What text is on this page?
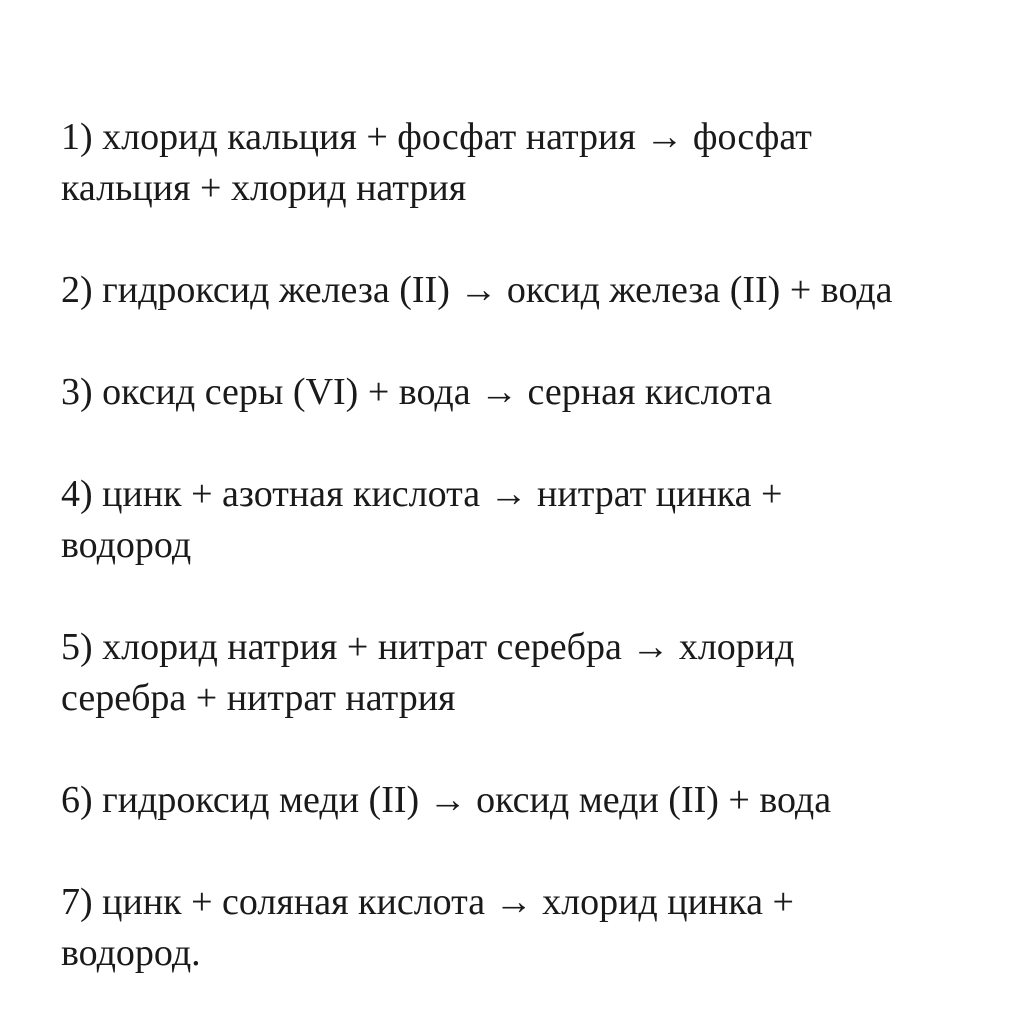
1) хлорид кальция + фосфат натрия → фосфат
кальция + хлорид натрия
2) гидроксид железа (II) → оксид железа (II) + вода
3) оксид серы (VI) + вода → серная кислота
4) цинк + азотная кислота → нитрат цинка +
водород
5) хлорид натрия + нитрат серебра → хлорид
серебра + нитрат натрия
6) гидроксид меди (II) → оксид меди (II) + вода
7) цинк + соляная кислота → хлорид цинка +
водород.
